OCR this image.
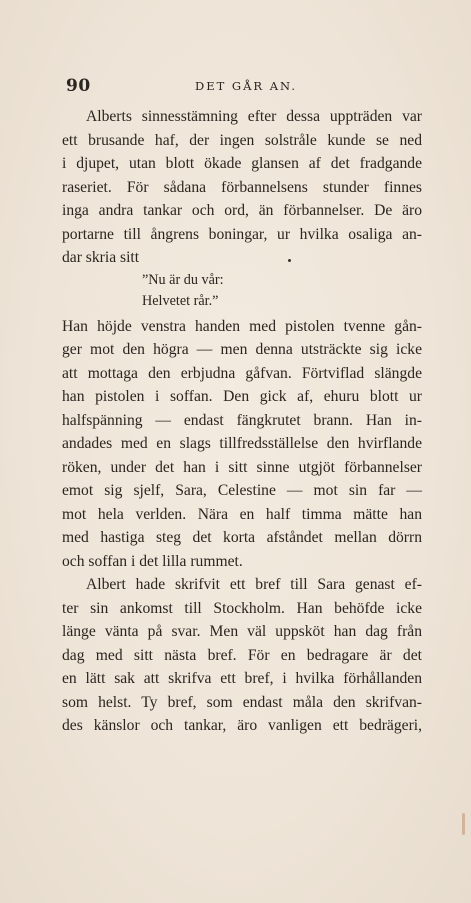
90	DET GÅR AN.
Alberts sinnesstämning efter dessa uppträden var
ett brusande haf, der ingen solstråle kunde se ned
i djupet, utan blott ökade glansen af det fradgande
raseriet. För sådana förbannelsens stunder finnes
inga andra tankar och ord, än förbannelser. De äro
portarne till ångrens boningar, ur hvilka osaliga an-
dar skria sitt
”Nu är du vår:
Helvetet rår.”
Han höjde venstra handen med pistolen tvenne gån-
ger mot den högra — men denna utsträckte sig icke
att mottaga den erbjudna gåfvan. Förtviflad slängde
han pistolen i soffan. Den gick af, ehuru blott ur
halfspänning — endast fängkrutet brann. Han in-
andades med en slags tillfredsställelse den hvirflande
röken, under det han i sitt sinne utgjöt förbannelser
emot sig sjelf, Sara, Celestine — mot sin far —
mot hela verlden. Nära en half timma mätte han
med hastiga steg det korta afståndet mellan dörrn
och soffan i det lilla rummet.
Albert hade skrifvit ett bref till Sara genast ef-
ter sin ankomst till Stockholm. Han behöfde icke
länge vänta på svar. Men väl uppsköt han dag från
dag med sitt nästa bref. För en bedragare är det
en lätt sak att skrifva ett bref, i hvilka förhållanden
som helst. Ty bref, som endast måla den skrifvan-
des känslor och tankar, äro vanligen ett bedrägeri,
